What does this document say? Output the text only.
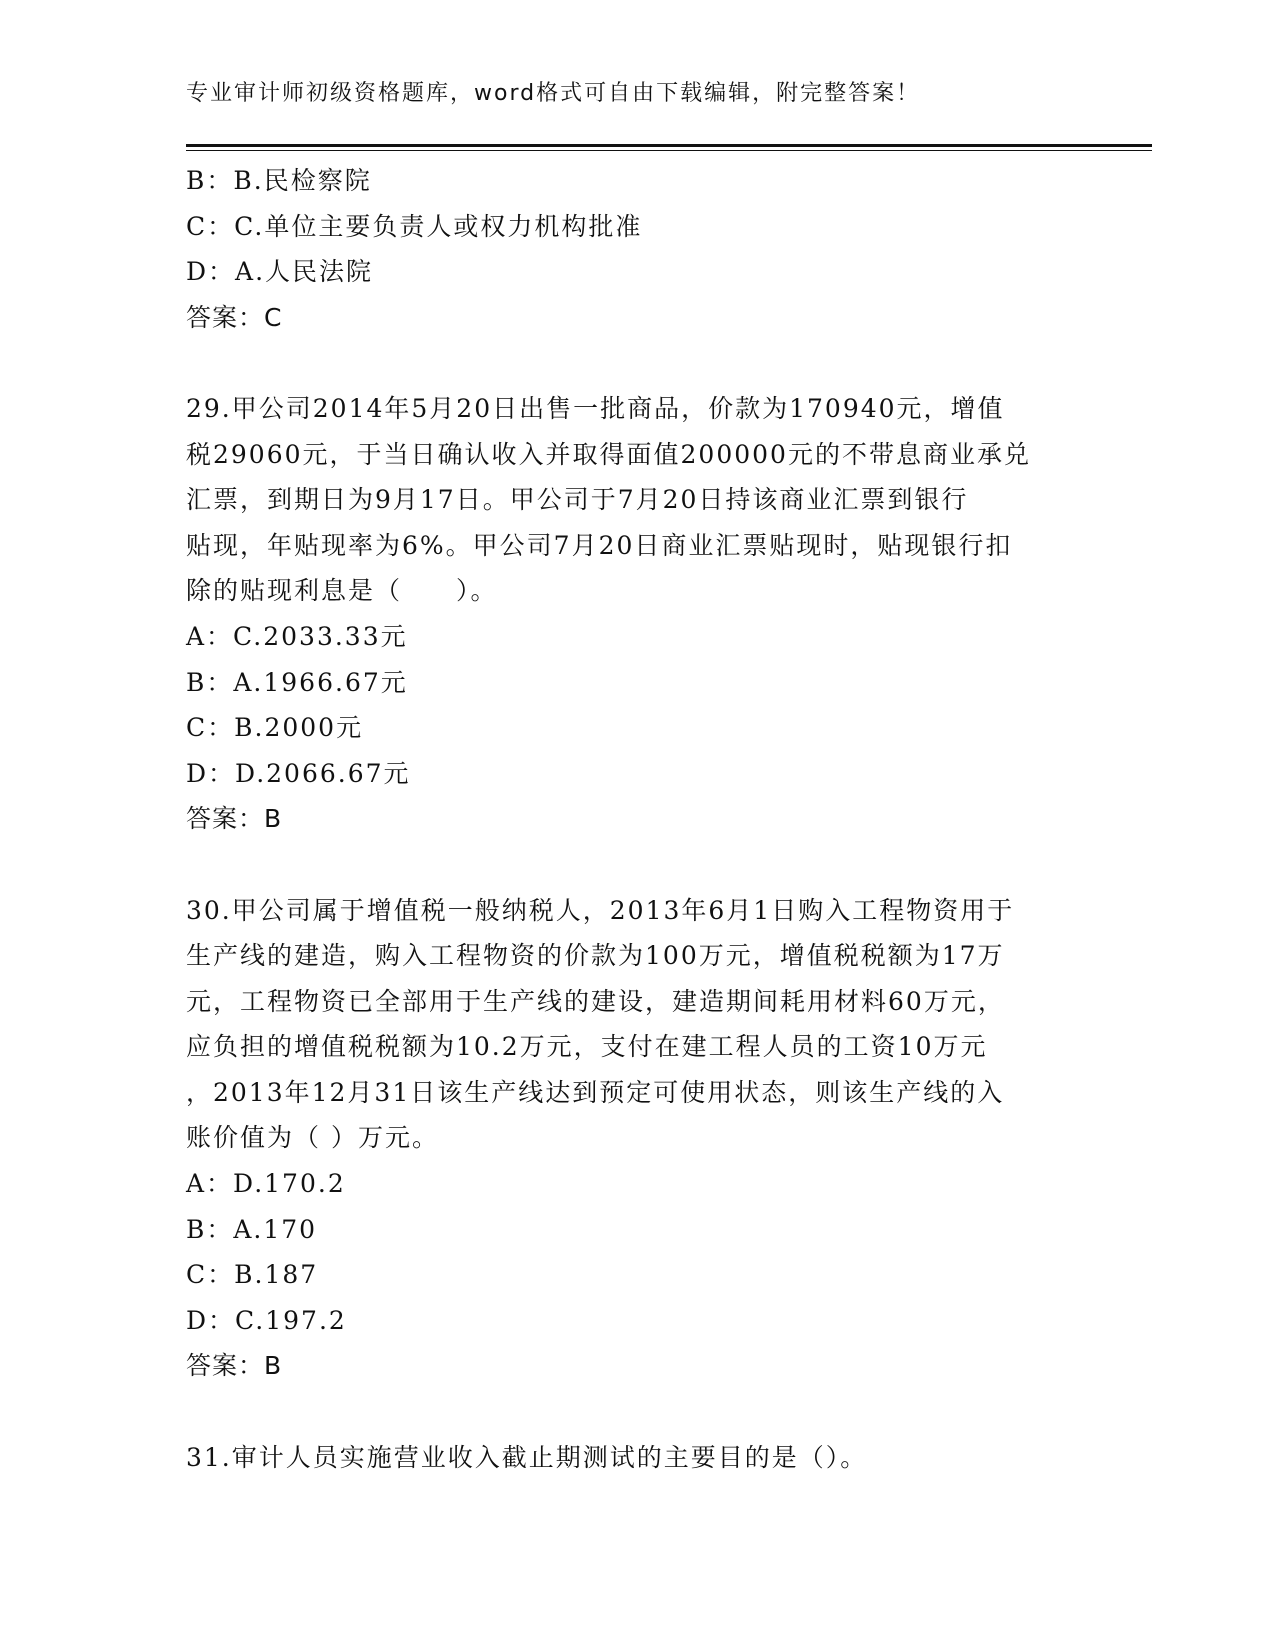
专业审计师初级资格题库，word格式可自由下载编辑，附完整答案！
B：B.民检察院
C：C.单位主要负责人或权力机构批准
D：A.人民法院
答案：C
29.甲公司2014年5月20日出售一批商品，价款为170940元，增值
税29060元，于当日确认收入并取得面值200000元的不带息商业承兑
汇票，到期日为9月17日。甲公司于7月20日持该商业汇票到银行
贴现，年贴现率为6%。甲公司7月20日商业汇票贴现时，贴现银行扣
除的贴现利息是（　　）。
A：C.2033.33元
B：A.1966.67元
C：B.2000元
D：D.2066.67元
答案：B
30.甲公司属于增值税一般纳税人，2013年6月1日购入工程物资用于
生产线的建造，购入工程物资的价款为100万元，增值税税额为17万
元，工程物资已全部用于生产线的建设，建造期间耗用材料60万元，
应负担的增值税税额为10.2万元，支付在建工程人员的工资10万元
，2013年12月31日该生产线达到预定可使用状态，则该生产线的入
账价值为（ ）万元。
A：D.170.2
B：A.170
C：B.187
D：C.197.2
答案：B
31.审计人员实施营业收入截止期测试的主要目的是（）。
